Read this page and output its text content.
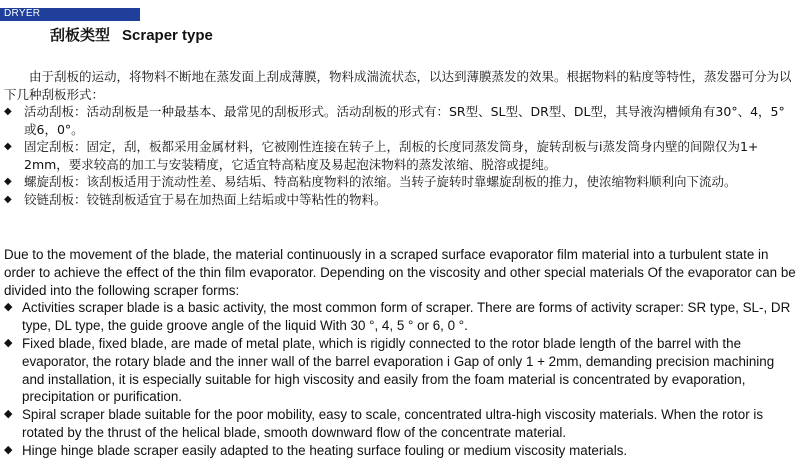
DRYER
刮板类型 Scraper type

由于刮板的运动，将物料不断地在蒸发面上刮成薄膜，物料成湍流状态，以达到薄膜蒸发的效果。根据物料的粘度等特性，蒸发器可分为以下几种刮板形式：

◆ 活动刮板：活动刮板是一种最基本、最常见的刮板形式。活动刮板的形式有：SR型、SL型、DR型、DL型，其导液沟槽倾角有30°、4，5°或6，0°。
◆ 固定刮板：固定，刮，板都采用金属材料，它被刚性连接在转子上，刮板的长度同蒸发筒身，旋转刮板与i蒸发筒身内壁的间隙仅为1+ 2mm，要求较高的加工与安装精度，它适宜特高粘度及易起泡沫物料的蒸发浓缩、脱溶或提纯。
◆ 螺旋刮板：该刮板适用于流动性差、易结垢、特高粘度物料的浓缩。当转子旋转时靠螺旋刮板的推力，使浓缩物料顺利向下流动。
◆ 铰链刮板：铰链刮板适宜于易在加热面上结垢或中等粘性的物料。

Due to the movement of the blade, the material continuously in a scraped surface evaporator film material into a turbulent state in order to achieve the effect of the thin film evaporator. Depending on the viscosity and other special materials Of the evaporator can be divided into the following scraper forms:

◆ Activities scraper blade is a basic activity, the most common form of scraper. There are forms of activity scraper: SR type, SL-, DR type, DL type, the guide groove angle of the liquid With 30 °, 4, 5 ° or 6, 0 °.
◆ Fixed blade, fixed blade, are made of metal plate, which is rigidly connected to the rotor blade length of the barrel with the evaporator, the rotary blade and the inner wall of the barrel evaporation i Gap of only 1 + 2mm, demanding precision machining and installation, it is especially suitable for high viscosity and easily from the foam material is concentrated by evaporation, precipitation or purification.
◆ Spiral scraper blade suitable for the poor mobility, easy to scale, concentrated ultra-high viscosity materials. When the rotor is rotated by the thrust of the helical blade, smooth downward flow of the concentrate material.
◆ Hinge hinge blade scraper easily adapted to the heating surface fouling or medium viscosity materials.
